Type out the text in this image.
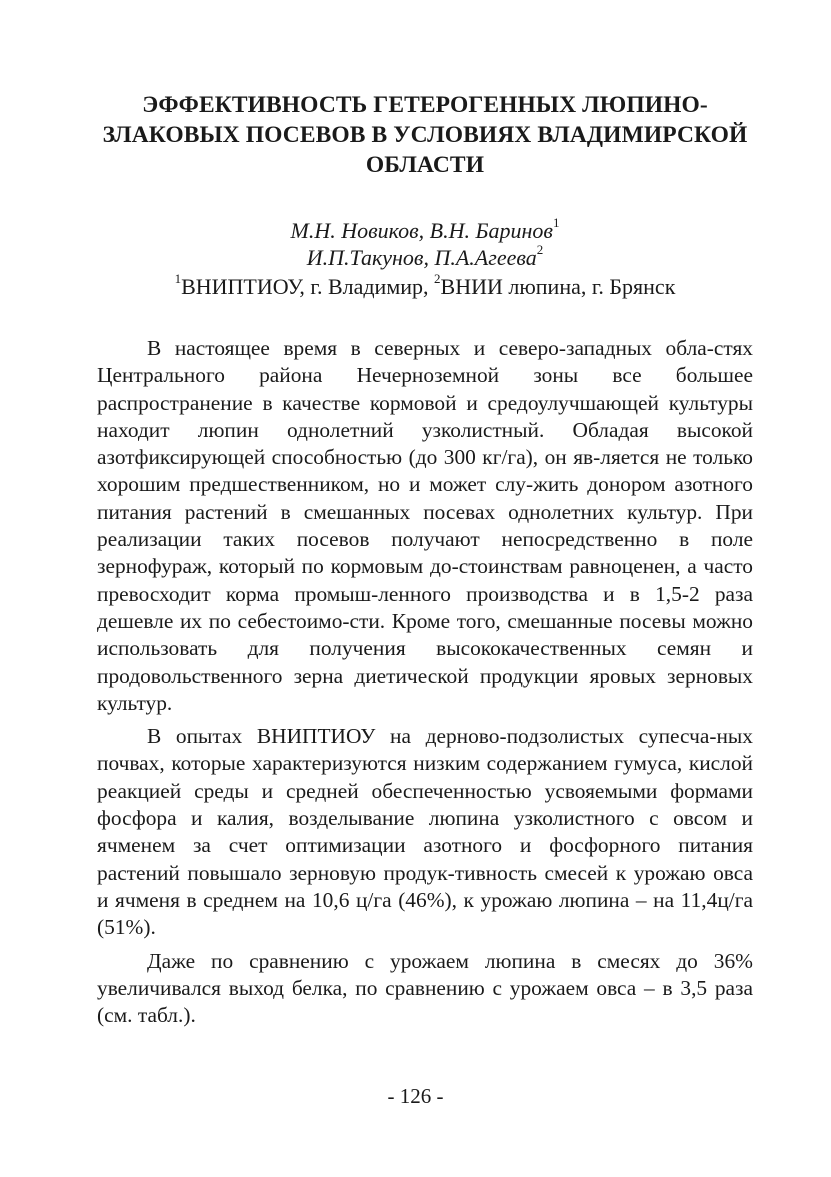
ЭФФЕКТИВНОСТЬ ГЕТЕРОГЕННЫХ ЛЮПИНО-
ЗЛАКОВЫХ ПОСЕВОВ В УСЛОВИЯХ ВЛАДИМИРСКОЙ
ОБЛАСТИ
М.Н. Новиков, В.Н. Баринов$^1$
И.П.Такунов, П.А.Агеева$^2$
$^1$ВНИПТИОУ, г. Владимир, $^2$ВНИИ люпина, г. Брянск

В настоящее время в северных и северо-западных обла-стях Центрального района Нечерноземной зоны все большее распространение в качестве кормовой и средоулучшающей культуры находит люпин однолетний узколистный. Обладая высокой азотфиксирующей способностью (до 300 кг/га), он яв-ляется не только хорошим предшественником, но и может слу-жить донором азотного питания растений в смешанных посевах однолетних культур. При реализации таких посевов получают непосредственно в поле зернофураж, который по кормовым до-стоинствам равноценен, а часто превосходит корма промыш-ленного производства и в 1,5-2 раза дешевле их по себестоимо-сти. Кроме того, смешанные посевы можно использовать для получения высококачественных семян и продовольственного зерна диетической продукции яровых зерновых культур.

В опытах ВНИПТИОУ на дерново-подзолистых супесча-ных почвах, которые характеризуются низким содержанием гумуса, кислой реакцией среды и средней обеспеченностью усвояемыми формами фосфора и калия, возделывание люпина узколистного с овсом и ячменем за счет оптимизации азотного и фосфорного питания растений повышало зерновую продук-тивность смесей к урожаю овса и ячменя в среднем на 10,6 ц/га (46%), к урожаю люпина – на 11,4ц/га (51%).

Даже по сравнению с урожаем люпина в смесях до 36% увеличивался выход белка, по сравнению с урожаем овса – в 3,5 раза (см. табл.).

- 126 -
